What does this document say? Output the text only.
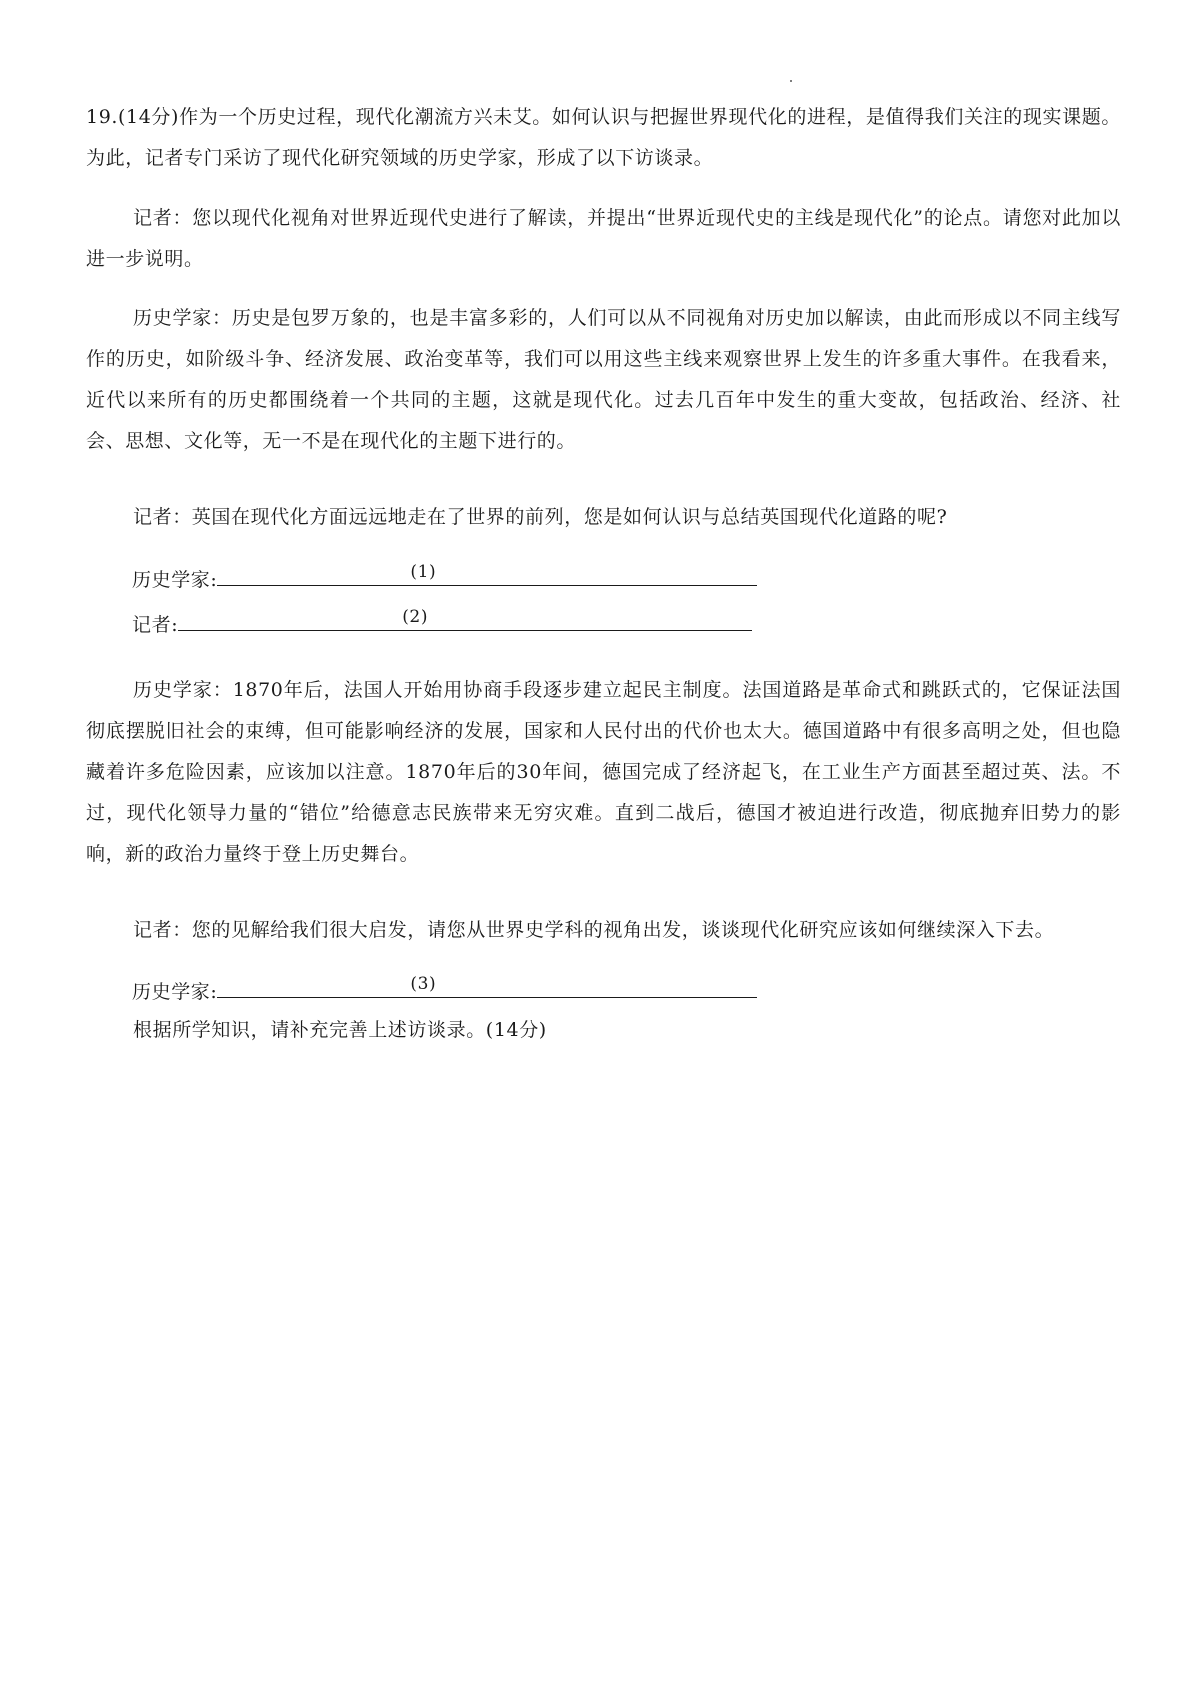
19.(14分)作为一个历史过程，现代化潮流方兴未艾。如何认识与把握世界现代化的进程，是值得我们关注的现实课题。为此，记者专门采访了现代化研究领域的历史学家，形成了以下访谈录。

记者：您以现代化视角对世界近现代史进行了解读，并提出“世界近现代史的主线是现代化”的论点。请您对此加以进一步说明。

历史学家：历史是包罗万象的，也是丰富多彩的，人们可以从不同视角对历史加以解读，由此而形成以不同主线写作的历史，如阶级斗争、经济发展、政治变革等，我们可以用这些主线来观察世界上发生的许多重大事件。在我看来，近代以来所有的历史都围绕着一个共同的主题，这就是现代化。过去几百年中发生的重大变故，包括政治、经济、社会、思想、文化等，无一不是在现代化的主题下进行的。

记者：英国在现代化方面远远地走在了世界的前列，您是如何认识与总结英国现代化道路的呢?

历史学家:	(1)
记者:	(2)

历史学家：1870年后，法国人开始用协商手段逐步建立起民主制度。法国道路是革命式和跳跃式的，它保证法国彻底摆脱旧社会的束缚，但可能影响经济的发展，国家和人民付出的代价也太大。德国道路中有很多高明之处，但也隐藏着许多危险因素，应该加以注意。1870年后的30年间，德国完成了经济起飞，在工业生产方面甚至超过英、法。不过，现代化领导力量的“错位”给德意志民族带来无穷灾难。直到二战后，德国才被迫进行改造，彻底抛弃旧势力的影响，新的政治力量终于登上历史舞台。

记者：您的见解给我们很大启发，请您从世界史学科的视角出发，谈谈现代化研究应该如何继续深入下去。

历史学家:	(3)

根据所学知识，请补充完善上述访谈录。(14分)
